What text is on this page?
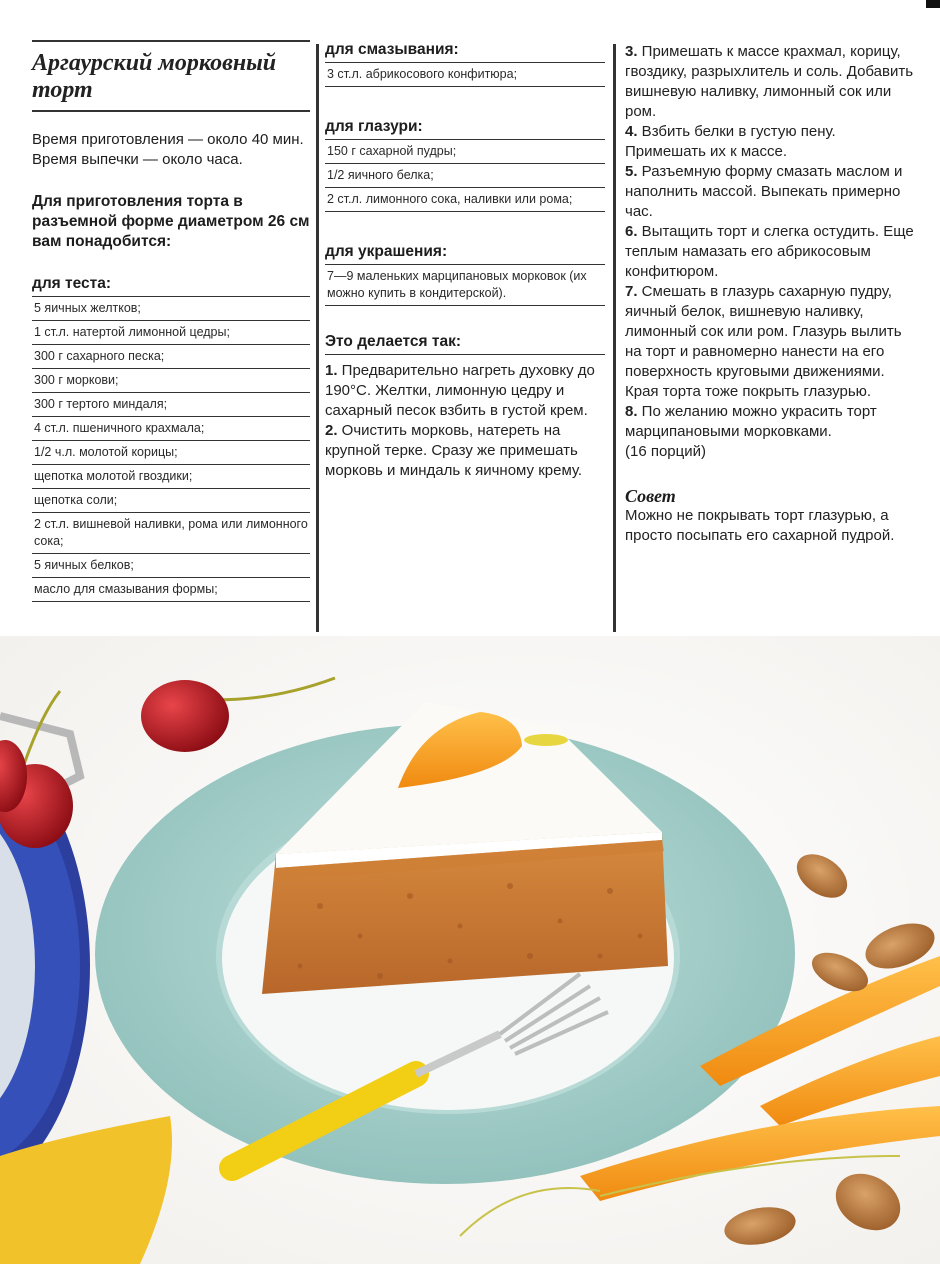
Аргаурский морковный
торт
Время приготовления — около 40 мин.
Время выпечки — около часа.
Для приготовления торта в разъемной форме диаметром 26 см вам понадобится:
для теста:
5 яичных желтков;
1 ст.л. натертой лимонной цедры;
300 г сахарного песка;
300 г моркови;
300 г тертого миндаля;
4 ст.л. пшеничного крахмала;
1/2 ч.л. молотой корицы;
щепотка молотой гвоздики;
щепотка соли;
2 ст.л. вишневой наливки, рома или лимонного сока;
5 яичных белков;
масло для смазывания формы;
для смазывания:
3 ст.л. абрикосового конфитюра;
для глазури:
150 г сахарной пудры;
1/2 яичного белка;
2 ст.л. лимонного сока, наливки или рома;
для украшения:
7—9 маленьких марципановых морковок (их можно купить в кондитерской).
Это делается так:
1. Предварительно нагреть духовку до 190°С. Желтки, лимонную цедру и сахарный песок взбить в густой крем.
2. Очистить морковь, натереть на крупной терке. Сразу же примешать морковь и миндаль к яичному крему.
3. Примешать к массе крахмал, корицу, гвоздику, разрыхлитель и соль. Добавить вишневую наливку, лимонный сок или ром.
4. Взбить белки в густую пену. Примешать их к массе.
5. Разъемную форму смазать маслом и наполнить массой. Выпекать примерно час.
6. Вытащить торт и слегка остудить. Еще теплым намазать его абрикосовым конфитюром.
7. Смешать в глазурь сахарную пудру, яичный белок, вишневую наливку, лимонный сок или ром. Глазурь вылить на торт и равномерно нанести на его поверхность круговыми движениями. Края торта тоже покрыть глазурью.
8. По желанию можно украсить торт марципановыми морковками.
(16 порций)
Совет
Можно не покрывать торт глазурью, а просто посыпать его сахарной пудрой.
